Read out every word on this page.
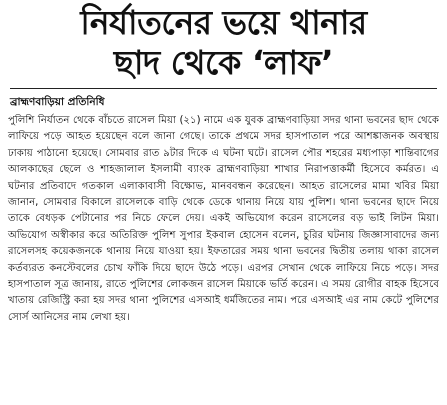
নির্যাতনের ভয়ে থানার
ছাদ থেকে ‘লাফ’
ব্রাহ্মণবাড়িয়া প্রতিনিধি

পুলিশি নির্যাতন থেকে বাঁচতে রাসেল মিয়া (২১) নামে এক যুবক ব্রাহ্মণবাড়িয়া সদর থানা ভবনের ছাদ থেকে লাফিয়ে পড়ে আহত হয়েছেন বলে জানা গেছে। তাকে প্রথমে সদর হাসপাতাল পরে আশঙ্কাজনক অবস্থায় ঢাকায় পাঠানো হয়েছে। সোমবার রাত ৯টার দিকে এ ঘটনা ঘটে। রাসেল পৌর শহরের মধ্যপাড়া শান্তিবাগের আলকাছের ছেলে ও শাহজালাল ইসলামী ব্যাংক ব্রাহ্মণবাড়িয়া শাখার নিরাপত্তাকর্মী হিসেবে কর্মরত। এ ঘটনার প্রতিবাদে গতকাল এলাকাবাসী বিক্ষোভ, মানববন্ধন করেছেন। আহত রাসেলের মামা খবির মিয়া জানান, সোমবার বিকালে রাসেলকে বাড়ি থেকে ডেকে থানায় নিয়ে যায় পুলিশ। থানা ভবনের ছাদে নিয়ে তাকে বেধড়ক পেটানোর পর নিচে ফেলে দেয়। একই অভিযোগ করেন রাসেলের বড় ভাই লিটন মিয়া। অভিযোগ অস্বীকার করে অতিরিক্ত পুলিশ সুপার ইকবাল হোসেন বলেন, চুরির ঘটনায় জিজ্ঞাসাবাদের জন্য রাসেলসহ কয়েকজনকে থানায় নিয়ে যাওয়া হয়। ইফতারের সময় থানা ভবনের দ্বিতীয় তলায় থাকা রাসেল কর্তব্যরত কনস্টেবলের চোখ ফাঁকি দিয়ে ছাদে উঠে পড়ে। এরপর সেখান থেকে লাফিয়ে নিচে পড়ে। সদর হাসপাতাল সূত্র জানায়, রাতে পুলিশের লোকজন রাসেল মিয়াকে ভর্তি করেন। এ সময় রোগীর বাহক হিসেবে খাতায় রেজিস্ট্রি করা হয় সদর থানা পুলিশের এসআই ধর্মজিতের নাম। পরে এসআই এর নাম কেটে পুলিশের সোর্স আনিসের নাম লেখা হয়।
